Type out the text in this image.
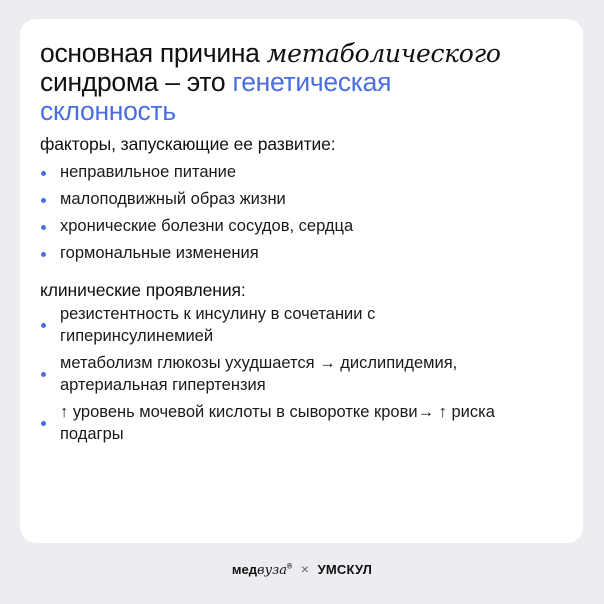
основная причина метаболического
синдрома – это генетическая
склонность
факторы, запускающие ее развитие:
неправильное питание
малоподвижный образ жизни
хронические болезни сосудов, сердца
гормональные изменения
клинические проявления:
резистентность к инсулину в сочетании с
гиперинсулинемией
метаболизм глюкозы ухудшается → дислипидемия,
артериальная гипертензия
↑ уровень мочевой кислоты в сыворотке крови→ ↑ риска
подагры
медвуза® × УМСКУЛ
